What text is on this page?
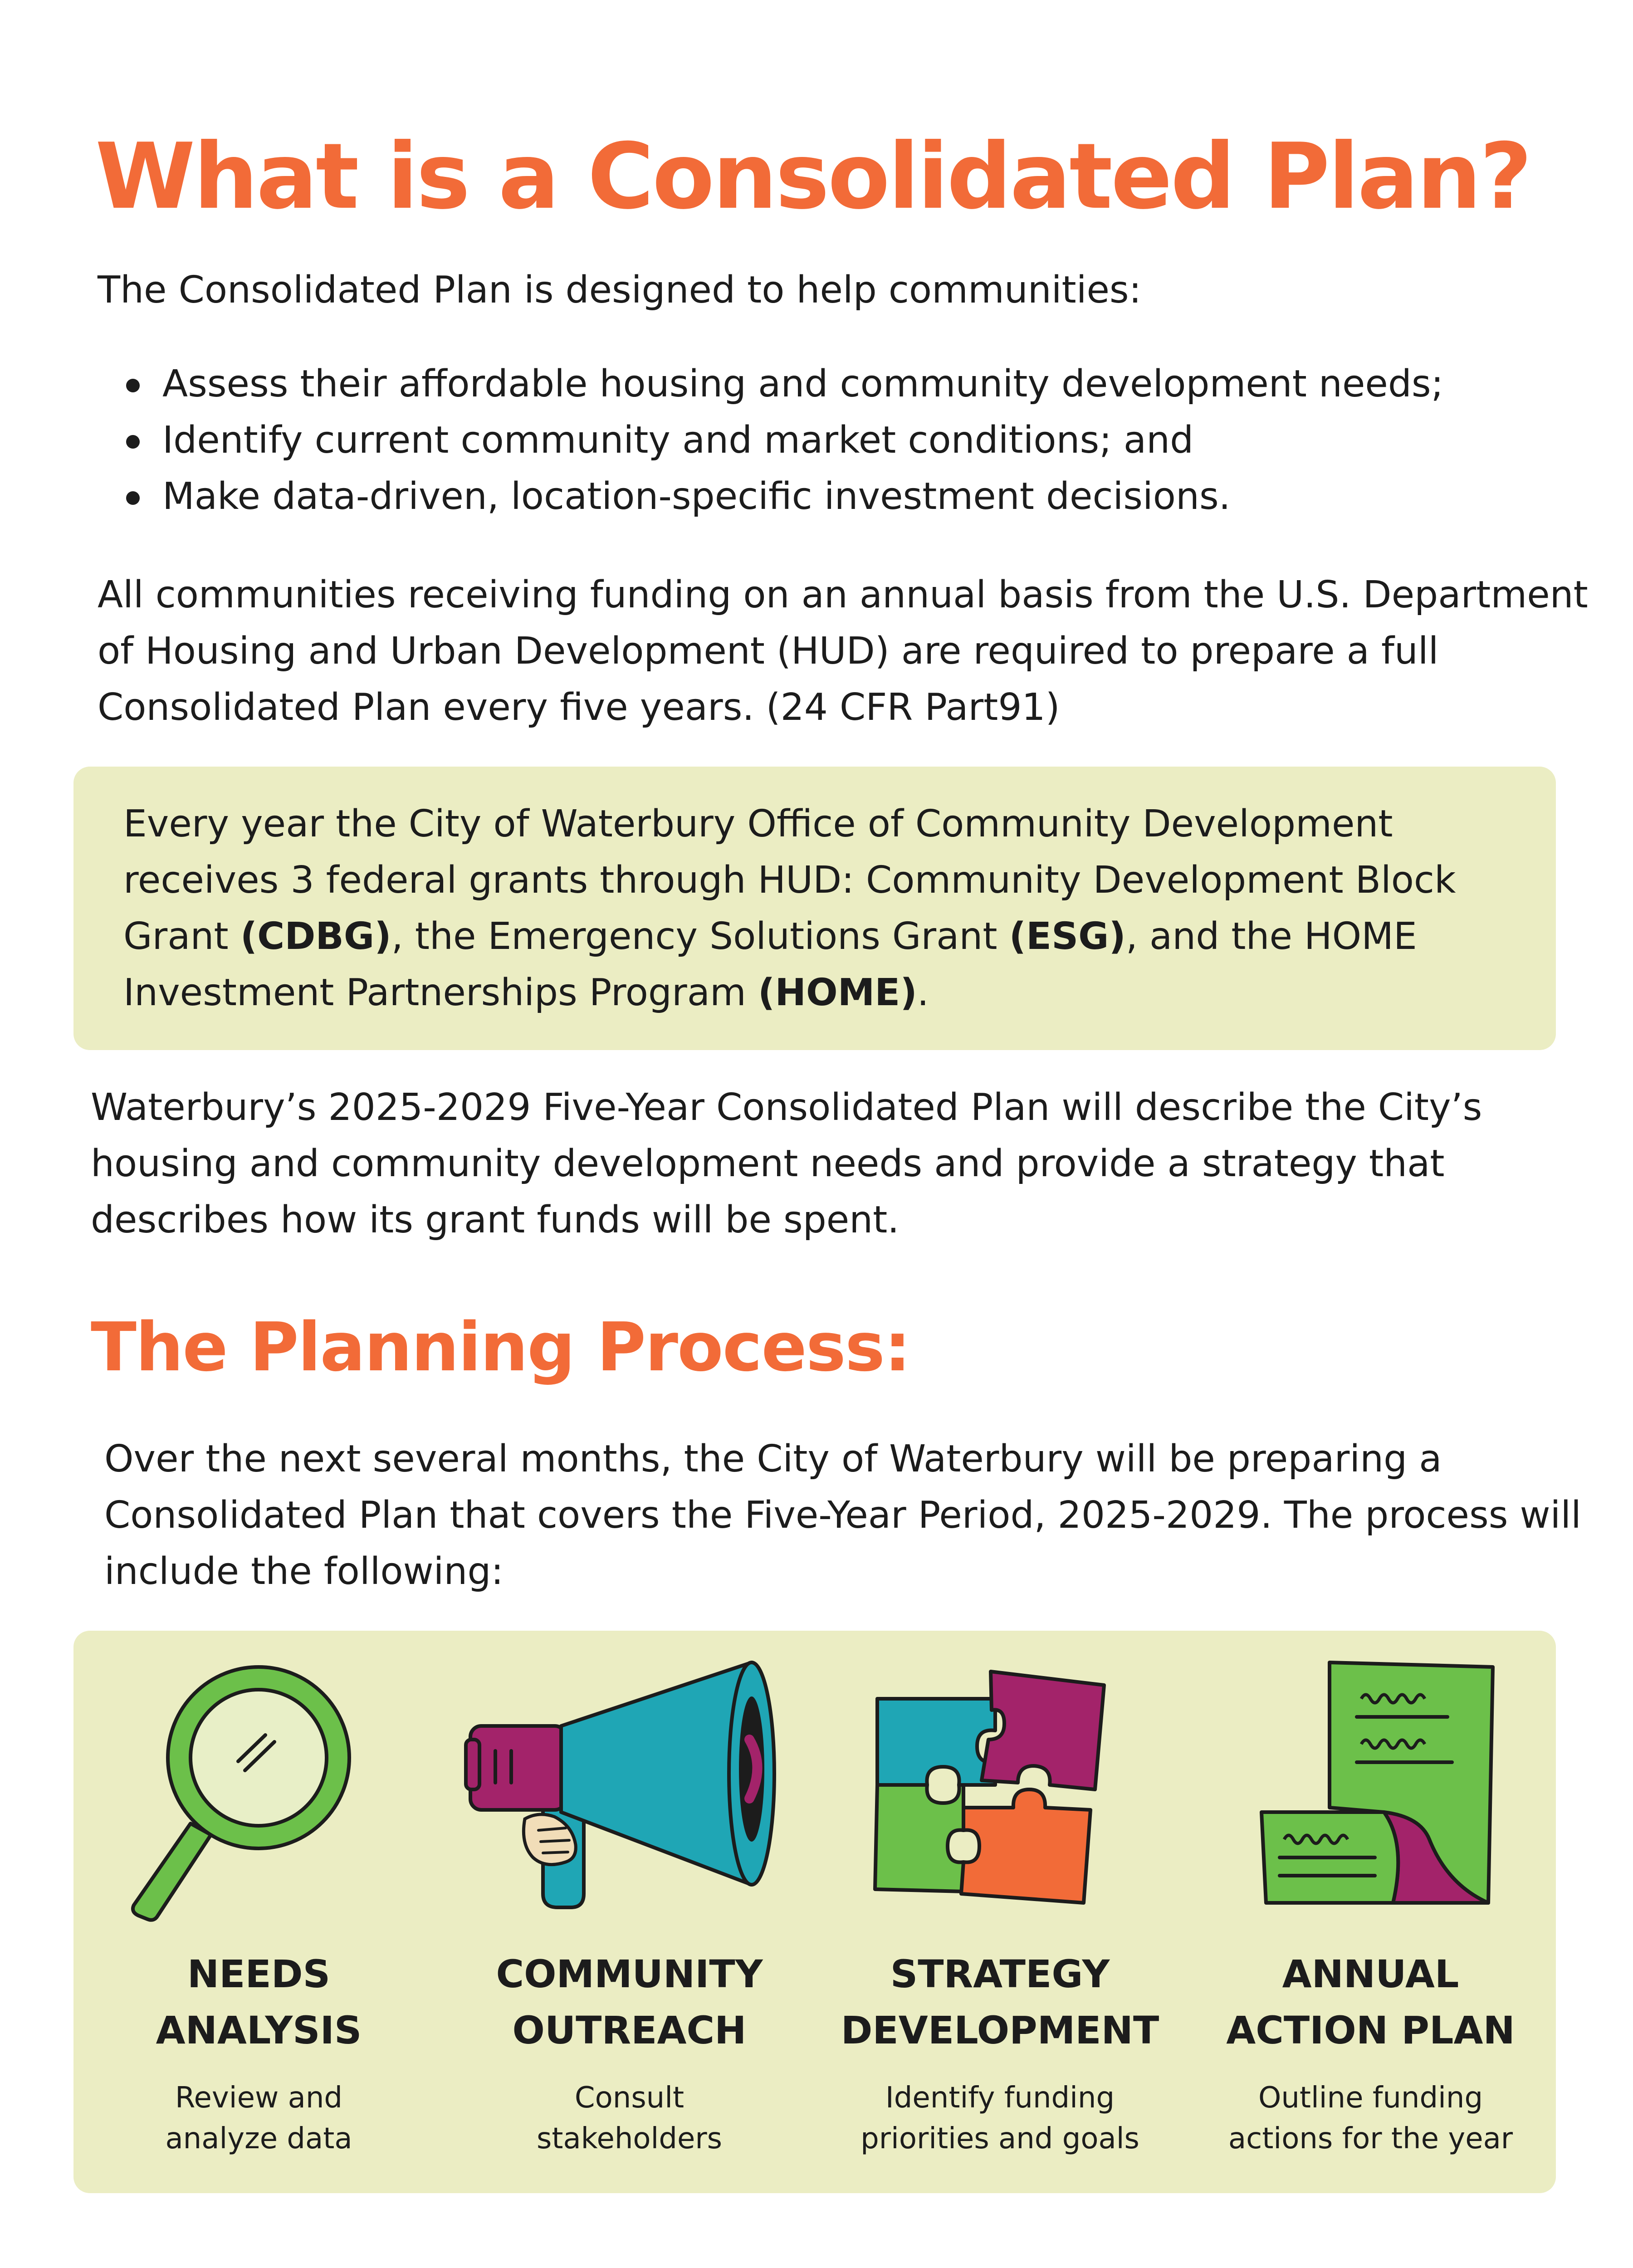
What is a Consolidated Plan?
The Consolidated Plan is designed to help communities:
Assess their affordable housing and community development needs;
Identify current community and market conditions; and
Make data-driven, location-specific investment decisions.
All communities receiving funding on an annual basis from the U.S. Department of Housing and Urban Development (HUD) are required to prepare a full Consolidated Plan every five years. (24 CFR Part91)
Every year the City of Waterbury Office of Community Development receives 3 federal grants through HUD: Community Development Block Grant (CDBG), the Emergency Solutions Grant (ESG), and the HOME Investment Partnerships Program (HOME).
Waterbury’s 2025-2029 Five-Year Consolidated Plan will describe the City’s housing and community development needs and provide a strategy that describes how its grant funds will be spent.
The Planning Process:
Over the next several months, the City of Waterbury will be preparing a Consolidated Plan that covers the Five-Year Period, 2025-2029. The process will include the following:
NEEDS
ANALYSIS
Review and
analyze data
COMMUNITY
OUTREACH
Consult
stakeholders
STRATEGY
DEVELOPMENT
Identify funding
priorities and goals
ANNUAL
ACTION PLAN
Outline funding
actions for the year
